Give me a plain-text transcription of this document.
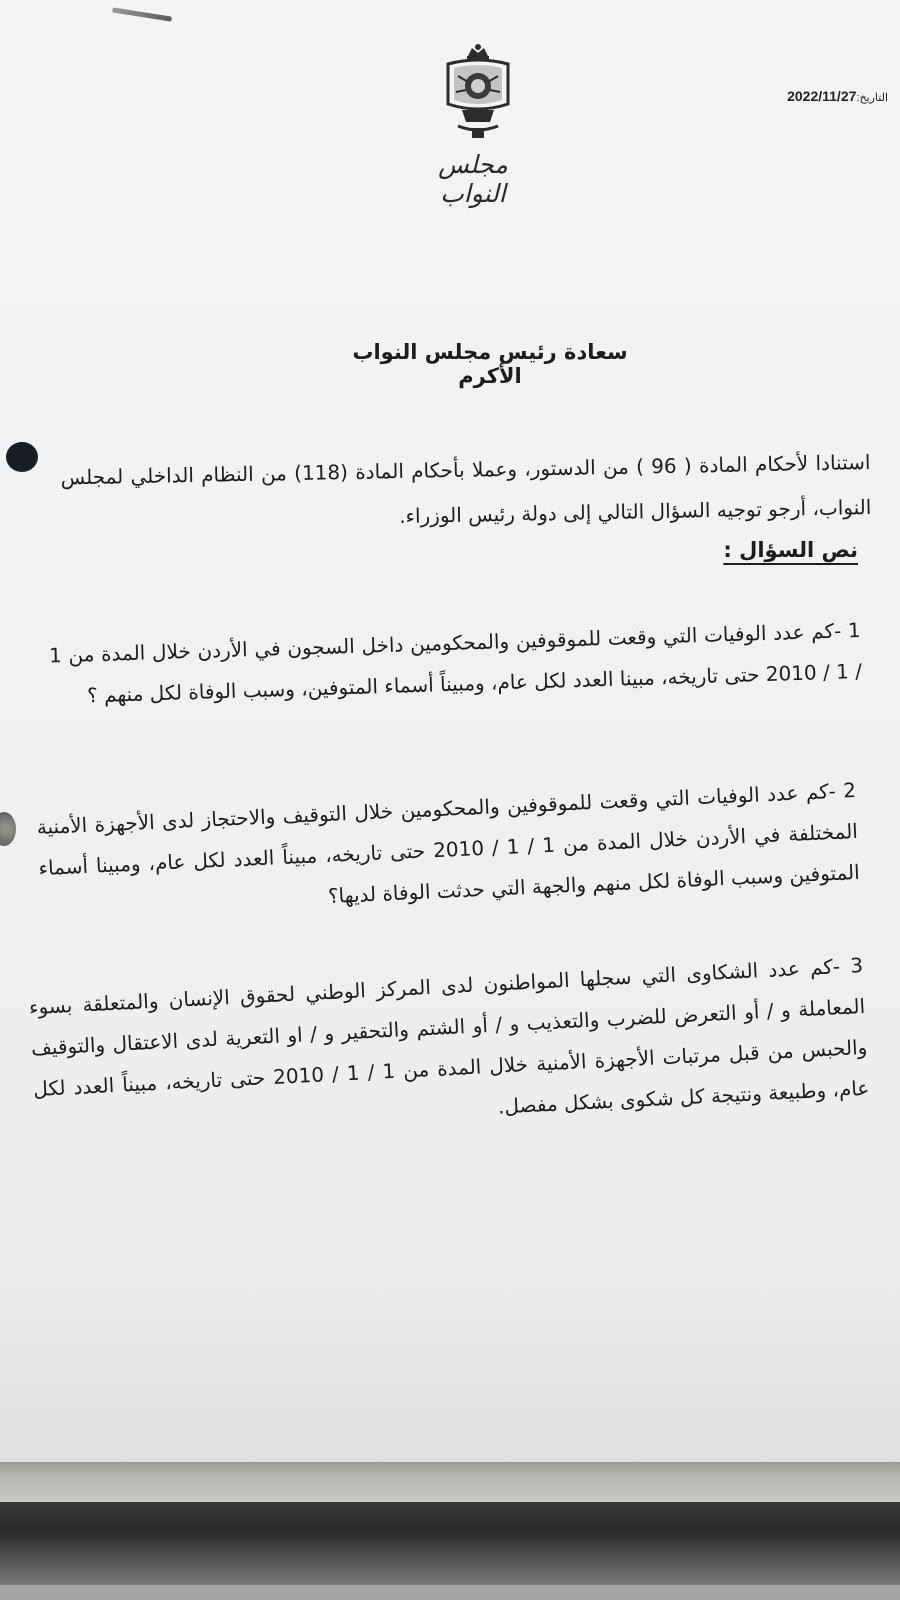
مجلس النواب
التاريخ:2022/11/27
سعادة رئيس مجلس النواب الأكرم
استنادا لأحكام المادة ( 96 ) من الدستور، وعملا بأحكام المادة (118) من النظام الداخلي لمجلس النواب، أرجو توجيه السؤال التالي إلى دولة رئيس الوزراء.
نص السؤال :
1 -كم عدد الوفيات التي وقعت للموقوفين والمحكومين داخل السجون في الأردن خلال المدة من 1 / 1 / 2010 حتى تاريخه، مبينا العدد لكل عام، ومبيناً أسماء المتوفين، وسبب الوفاة لكل منهم ؟
2 -كم عدد الوفيات التي وقعت للموقوفين والمحكومين خلال التوقيف والاحتجاز لدى الأجهزة الأمنية المختلفة في الأردن خلال المدة من 1 / 1 / 2010 حتى تاريخه، مبيناً العدد لكل عام، ومبينا أسماء المتوفين وسبب الوفاة لكل منهم والجهة التي حدثت الوفاة لديها؟
3 -كم عدد الشكاوى التي سجلها المواطنون لدى المركز الوطني لحقوق الإنسان والمتعلقة بسوء المعاملة و / أو التعرض للضرب والتعذيب و / أو الشتم والتحقير و / او التعرية لدى الاعتقال والتوقيف والحبس من قبل مرتبات الأجهزة الأمنية خلال المدة من 1 / 1 / 2010 حتى تاريخه، مبيناً العدد لكل عام، وطبيعة ونتيجة كل شكوى بشكل مفصل.
